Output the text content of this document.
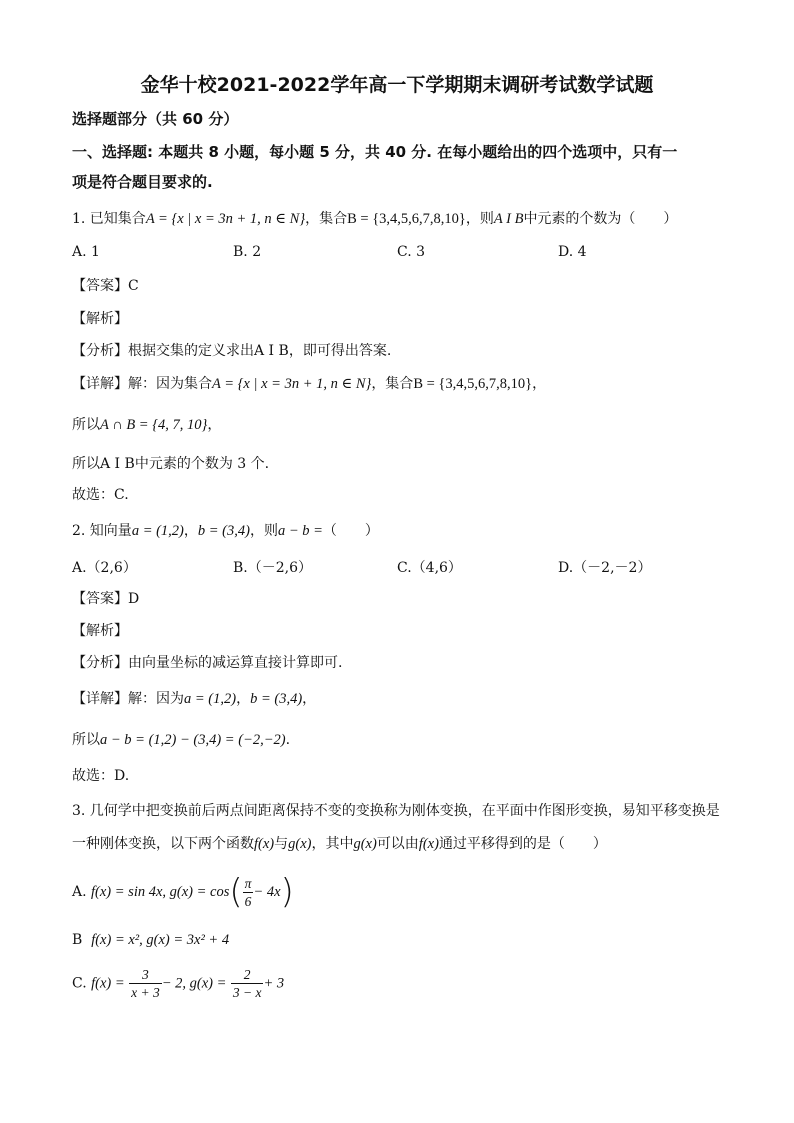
金华十校2021-2022学年高一下学期期末调研考试数学试题
选择题部分（共 60 分）
一、选择题: 本题共 8 小题，每小题 5 分，共 40 分. 在每小题给出的四个选项中，只有一
项是符合题目要求的.
1. 已知集合A = {x | x = 3n + 1, n ∈ N}，集合B = {3,4,5,6,7,8,10}，则A I B中元素的个数为（　　）
A. 1	B. 2	C. 3	D. 4
【答案】C
【解析】
【分析】根据交集的定义求出A I B，即可得出答案.
【详解】解：因为集合A = {x | x = 3n + 1, n ∈ N}，集合B = {3,4,5,6,7,8,10}，
所以A ∩ B = {4, 7, 10}，
所以A I B中元素的个数为 3 个.
故选：C.
2. 知向量a = (1,2)，b = (3,4)，则a − b =（　　）
A.（2,6）	B.（－2,6）	C.（4,6）	D.（－2,－2）
【答案】D
【解析】
【分析】由向量坐标的减运算直接计算即可.
【详解】解：因为a = (1,2)，b = (3,4)，
所以a − b = (1,2) − (3,4) = (−2,−2).
故选：D.
3. 几何学中把变换前后两点间距离保持不变的变换称为刚体变换，在平面中作图形变换，易知平移变换是
一种刚体变换，以下两个函数f(x)与g(x)，其中g(x)可以由f(x)通过平移得到的是（　　）
A. f(x) = sin 4x, $g(x) = \cos( \frac{\pi}{6} - 4x)$
B f(x) = x², g(x) = 3x² + 4
C. $f(x) = \frac{3}{x + 3} - 2$, $g(x) = \frac{2}{3 - x} + 3$
